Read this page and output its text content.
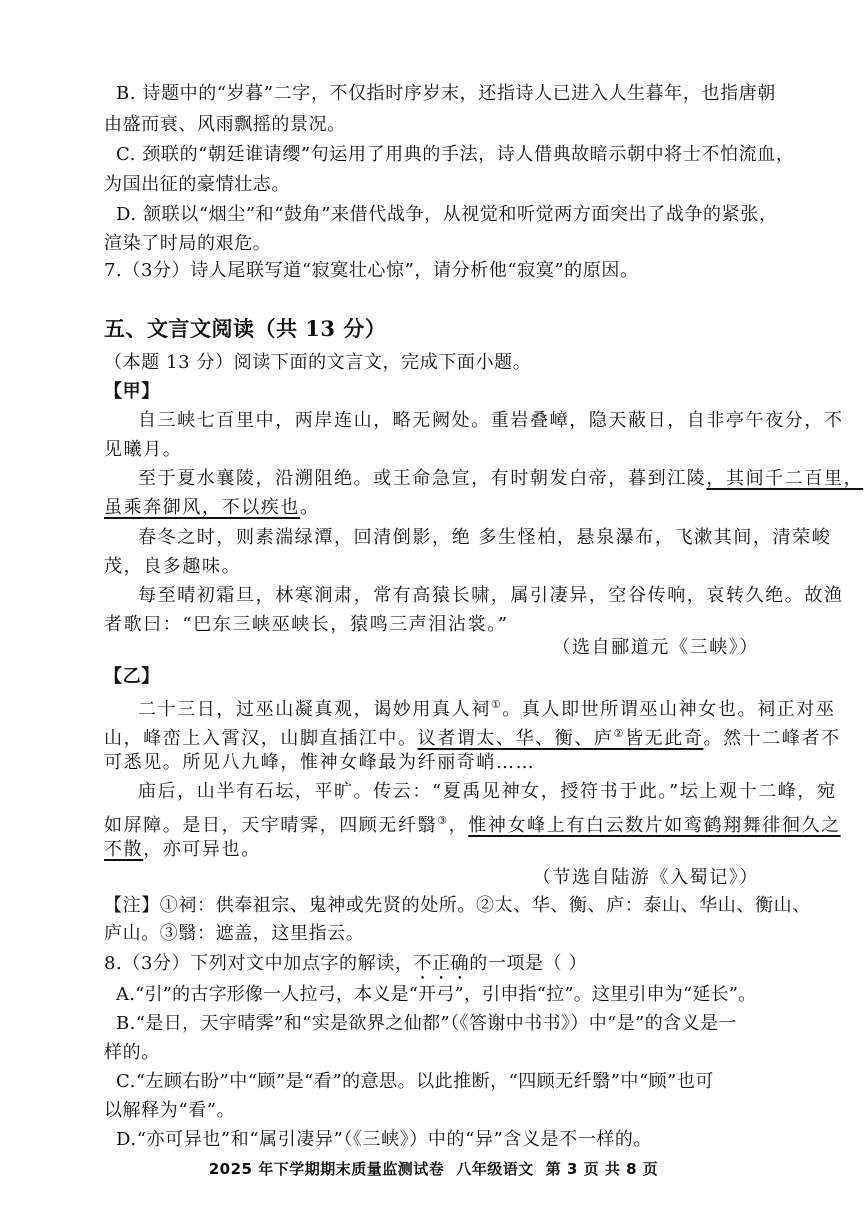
B. 诗题中的“岁暮”二字，不仅指时序岁末，还指诗人已进入人生暮年，也指唐朝
由盛而衰、风雨飘摇的景况。
C. 颈联的“朝廷谁请缨”句运用了用典的手法，诗人借典故暗示朝中将士不怕流血，
为国出征的豪情壮志。
D. 颔联以“烟尘”和“鼓角”来借代战争，从视觉和听觉两方面突出了战争的紧张，
渲染了时局的艰危。
7.（3分）诗人尾联写道“寂寞壮心惊”，请分析他“寂寞”的原因。
五、文言文阅读（共 13 分）
（本题 13 分）阅读下面的文言文，完成下面小题。
【甲】
自三峡七百里中，两岸连山，略无阙处。重岩叠嶂，隐天蔽日，自非亭午夜分，不
见曦月。
至于夏水襄陵，沿溯阻绝。或王命急宣，有时朝发白帝，暮到江陵，其间千二百里，
虽乘奔御风，不以疾也。
春冬之时，则素湍绿潭，回清倒影，绝 多生怪柏，悬泉瀑布，飞漱其间，清荣峻
茂，良多趣味。
每至晴初霜旦，林寒涧肃，常有高猿长啸，属引凄异，空谷传响，哀转久绝。故渔
者歌曰：“巴东三峡巫峡长，猿鸣三声泪沾裳。”
（选自郦道元《三峡》）
【乙】
二十三日，过巫山凝真观，谒妙用真人祠①。真人即世所谓巫山神女也。祠正对巫
山，峰峦上入霄汉，山脚直插江中。议者谓太、华、衡、庐②皆无此奇。然十二峰者不
可悉见。所见八九峰，惟神女峰最为纤丽奇峭……
庙后，山半有石坛，平旷。传云：“夏禹见神女，授符书于此。”坛上观十二峰，宛
如屏障。是日，天宇晴霁，四顾无纤翳③，惟神女峰上有白云数片如鸾鹤翔舞徘徊久之
不散，亦可异也。
（节选自陆游《入蜀记》）
【注】①祠：供奉祖宗、鬼神或先贤的处所。②太、华、衡、庐：泰山、华山、衡山、
庐山。③翳：遮盖，这里指云。
8.（3分）下列对文中加点字的解读，不正确的一项是（ ）
A.“引”的古字形像一人拉弓，本义是“开弓”，引申指“拉”。这里引申为“延长”。
B.“是日，天宇晴霁”和“实是欲界之仙都”（《答谢中书书》）中“是”的含义是一
样的。
C.“左顾右盼”中“顾”是“看”的意思。以此推断，“四顾无纤翳”中“顾”也可
以解释为“看”。
D.“亦可异也”和“属引凄异”（《三峡》）中的“异”含义是不一样的。
2025 年下学期期末质量监测试卷 八年级语文 第 3 页 共 8 页
